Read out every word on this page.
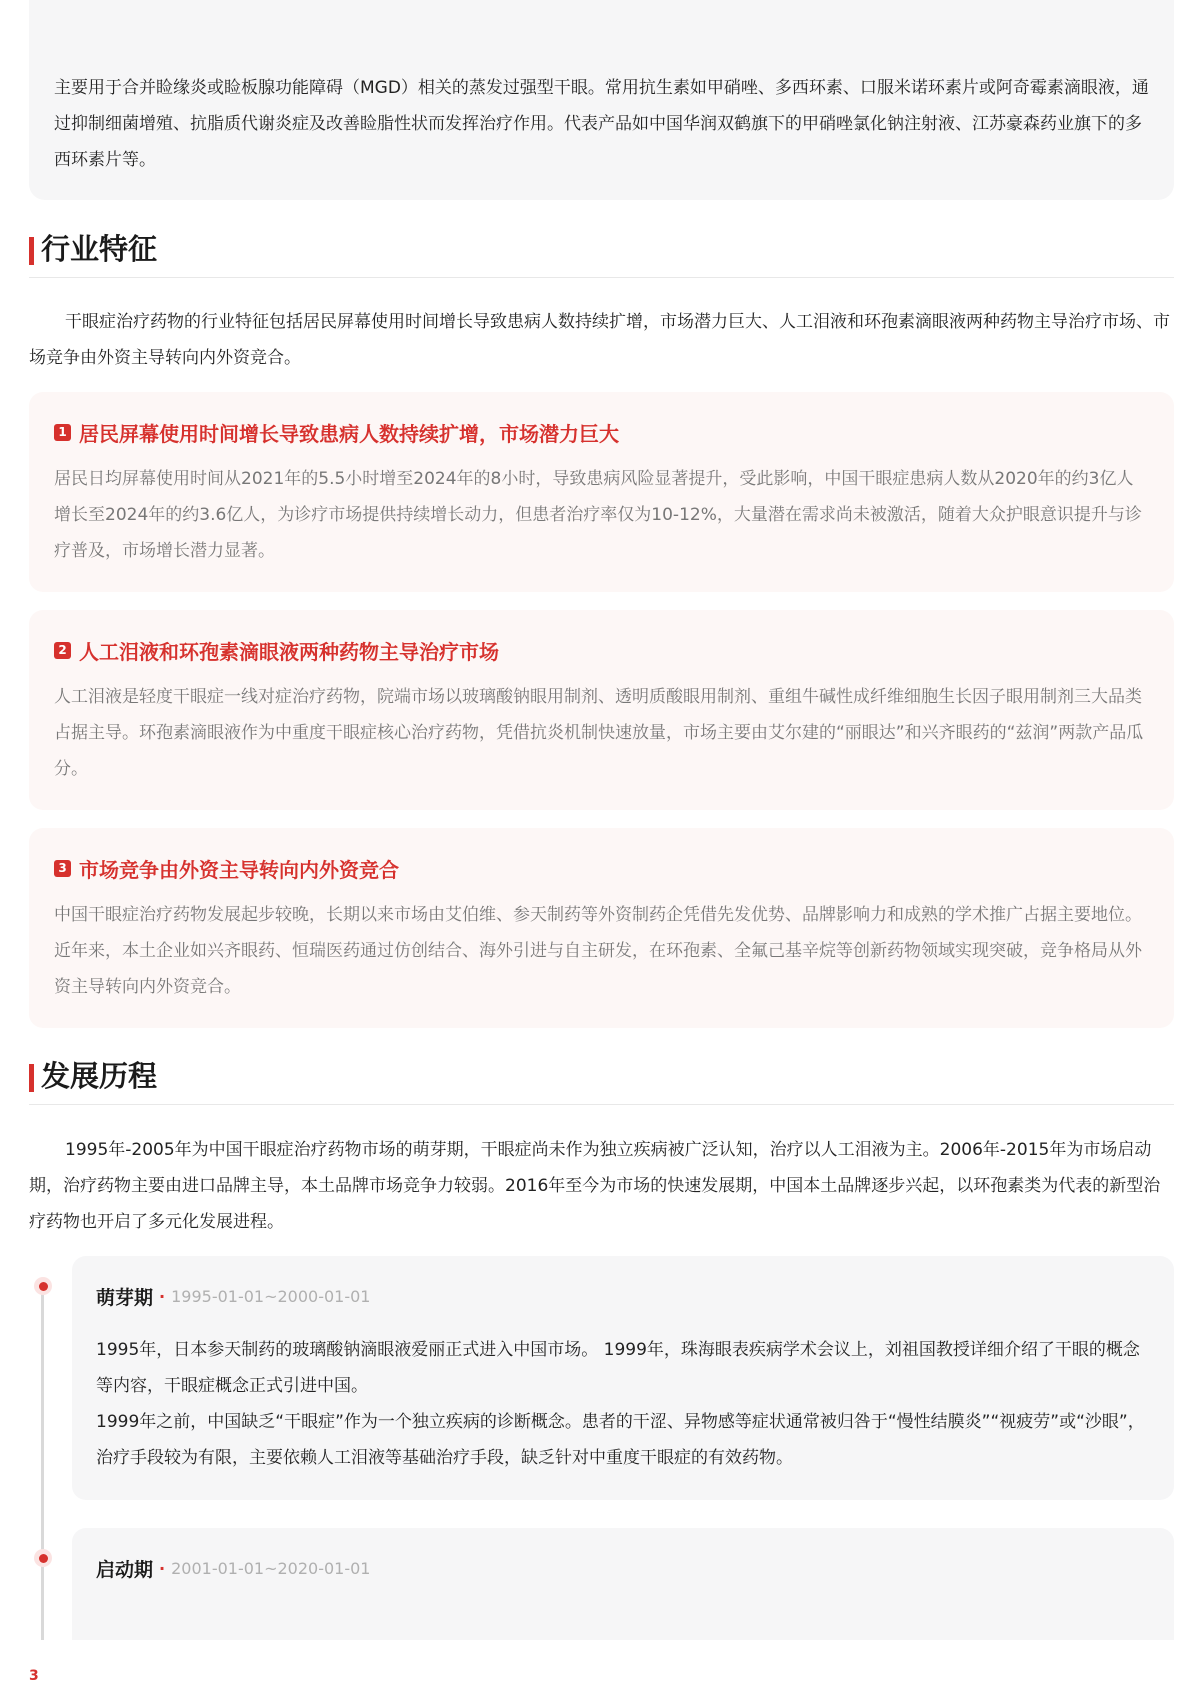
主要用于合并睑缘炎或睑板腺功能障碍（MGD）相关的蒸发过强型干眼。常用抗生素如甲硝唑、多西环素、口服米诺环素片或阿奇霉素滴眼液，通过抑制细菌增殖、抗脂质代谢炎症及改善睑脂性状而发挥治疗作用。代表产品如中国华润双鹤旗下的甲硝唑氯化钠注射液、江苏豪森药业旗下的多西环素片等。
行业特征
干眼症治疗药物的行业特征包括居民屏幕使用时间增长导致患病人数持续扩增，市场潜力巨大、人工泪液和环孢素滴眼液两种药物主导治疗市场、市场竞争由外资主导转向内外资竞合。
1 居民屏幕使用时间增长导致患病人数持续扩增，市场潜力巨大
居民日均屏幕使用时间从2021年的5.5小时增至2024年的8小时，导致患病风险显著提升，受此影响，中国干眼症患病人数从2020年的约3亿人增长至2024年的约3.6亿人，为诊疗市场提供持续增长动力，但患者治疗率仅为10-12%，大量潜在需求尚未被激活，随着大众护眼意识提升与诊疗普及，市场增长潜力显著。
2 人工泪液和环孢素滴眼液两种药物主导治疗市场
人工泪液是轻度干眼症一线对症治疗药物，院端市场以玻璃酸钠眼用制剂、透明质酸眼用制剂、重组牛碱性成纤维细胞生长因子眼用制剂三大品类占据主导。环孢素滴眼液作为中重度干眼症核心治疗药物，凭借抗炎机制快速放量，市场主要由艾尔建的“丽眼达”和兴齐眼药的“兹润”两款产品瓜分。
3 市场竞争由外资主导转向内外资竞合
中国干眼症治疗药物发展起步较晚，长期以来市场由艾伯维、参天制药等外资制药企凭借先发优势、品牌影响力和成熟的学术推广占据主要地位。近年来，本土企业如兴齐眼药、恒瑞医药通过仿创结合、海外引进与自主研发，在环孢素、全氟己基辛烷等创新药物领域实现突破，竞争格局从外资主导转向内外资竞合。
发展历程
1995年-2005年为中国干眼症治疗药物市场的萌芽期，干眼症尚未作为独立疾病被广泛认知，治疗以人工泪液为主。2006年-2015年为市场启动期，治疗药物主要由进口品牌主导，本土品牌市场竞争力较弱。2016年至今为市场的快速发展期，中国本土品牌逐步兴起，以环孢素类为代表的新型治疗药物也开启了多元化发展进程。
萌芽期 · 1995-01-01~2000-01-01
1995年，日本参天制药的玻璃酸钠滴眼液爱丽正式进入中国市场。 1999年，珠海眼表疾病学术会议上，刘祖国教授详细介绍了干眼的概念等内容，干眼症概念正式引进中国。
1999年之前，中国缺乏“干眼症”作为一个独立疾病的诊断概念。患者的干涩、异物感等症状通常被归咎于“慢性结膜炎”“视疲劳”或“沙眼”，治疗手段较为有限，主要依赖人工泪液等基础治疗手段，缺乏针对中重度干眼症的有效药物。
启动期 · 2001-01-01~2020-01-01
3
